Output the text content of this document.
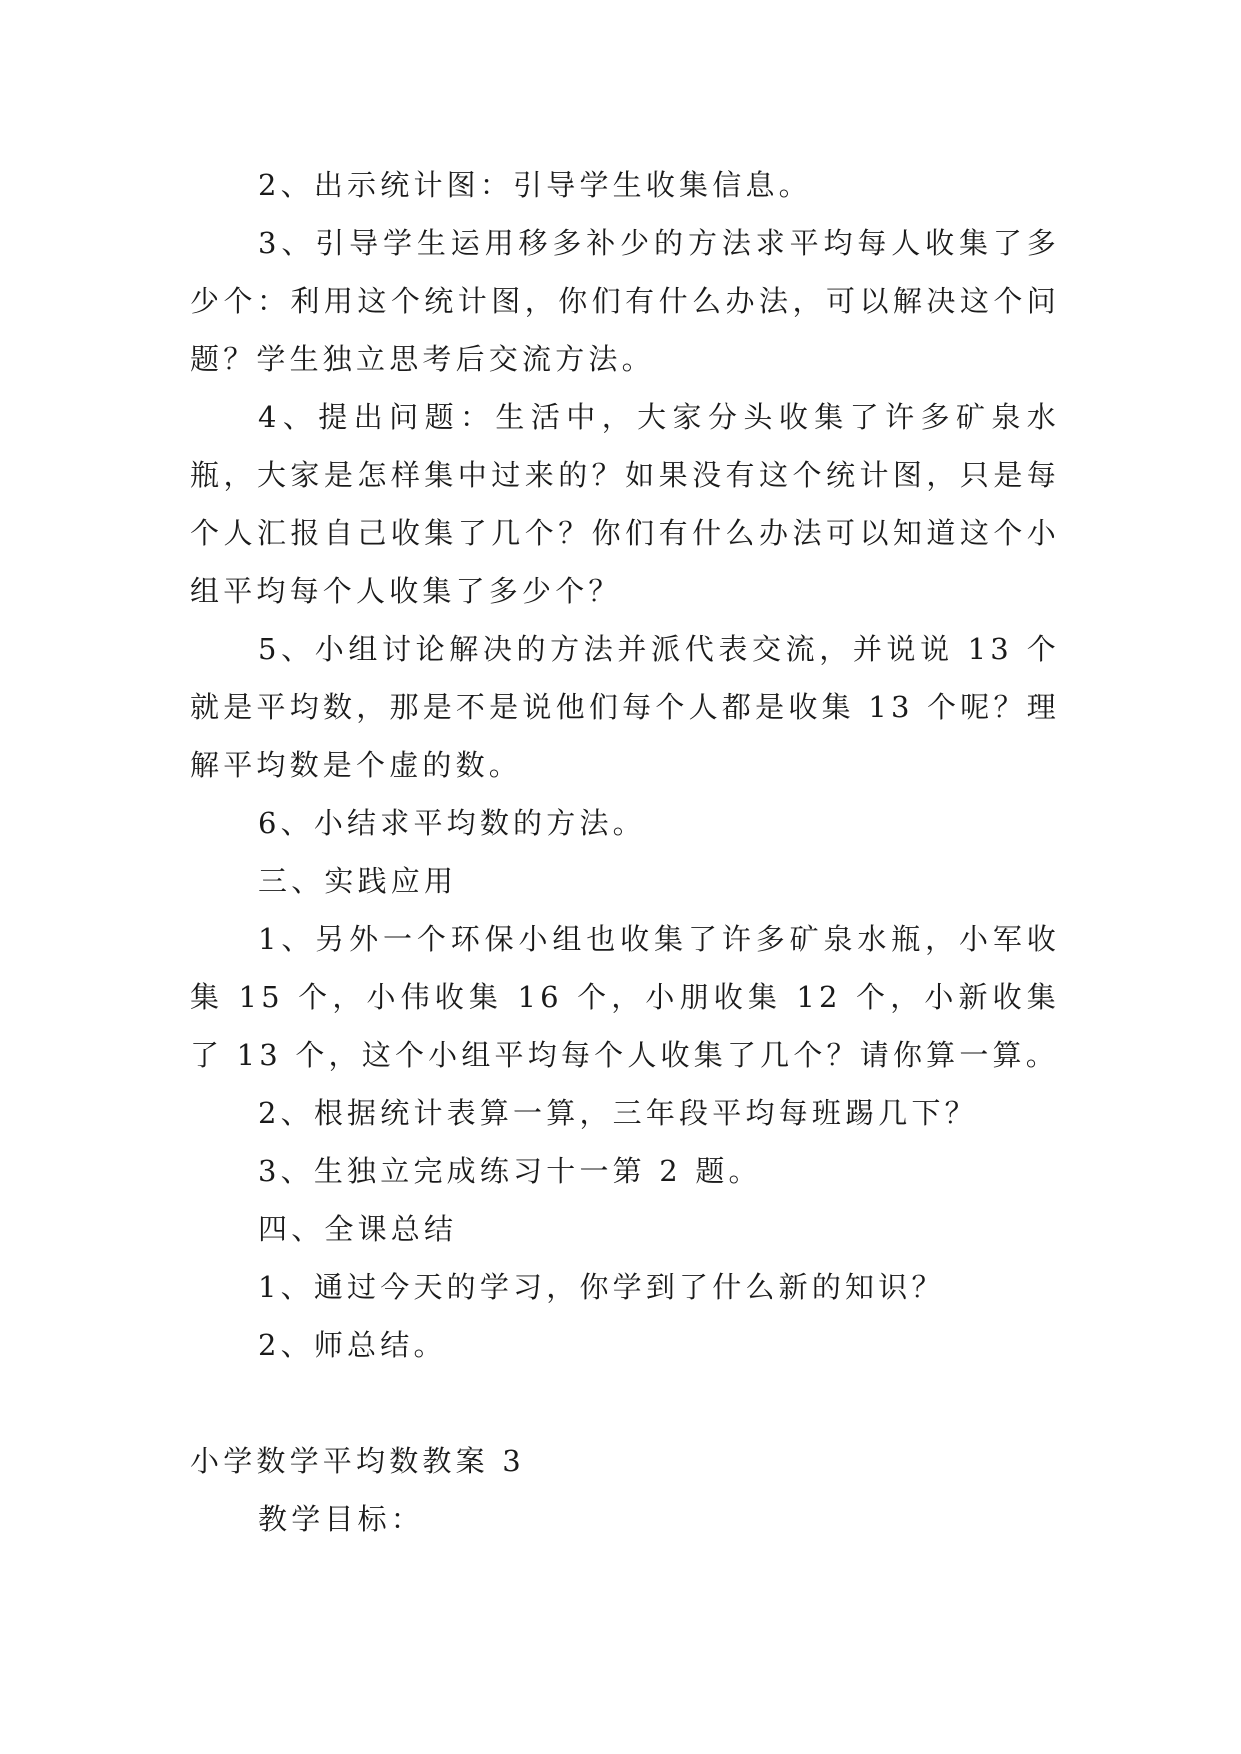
2、出示统计图：引导学生收集信息。

3、引导学生运用移多补少的方法求平均每人收集了多少个：利用这个统计图，你们有什么办法，可以解决这个问题？学生独立思考后交流方法。

4、提出问题：生活中，大家分头收集了许多矿泉水瓶，大家是怎样集中过来的？如果没有这个统计图，只是每个人汇报自己收集了几个？你们有什么办法可以知道这个小组平均每个人收集了多少个？

5、小组讨论解决的方法并派代表交流，并说说 13 个就是平均数，那是不是说他们每个人都是收集 13 个呢？理解平均数是个虚的数。

6、小结求平均数的方法。

三、实践应用

1、另外一个环保小组也收集了许多矿泉水瓶，小军收集 15 个，小伟收集 16 个，小朋收集 12 个，小新收集了 13 个，这个小组平均每个人收集了几个？请你算一算。

2、根据统计表算一算，三年段平均每班踢几下？

3、生独立完成练习十一第 2 题。

四、全课总结

1、通过今天的学习，你学到了什么新的知识？

2、师总结。

小学数学平均数教案 3

教学目标：
